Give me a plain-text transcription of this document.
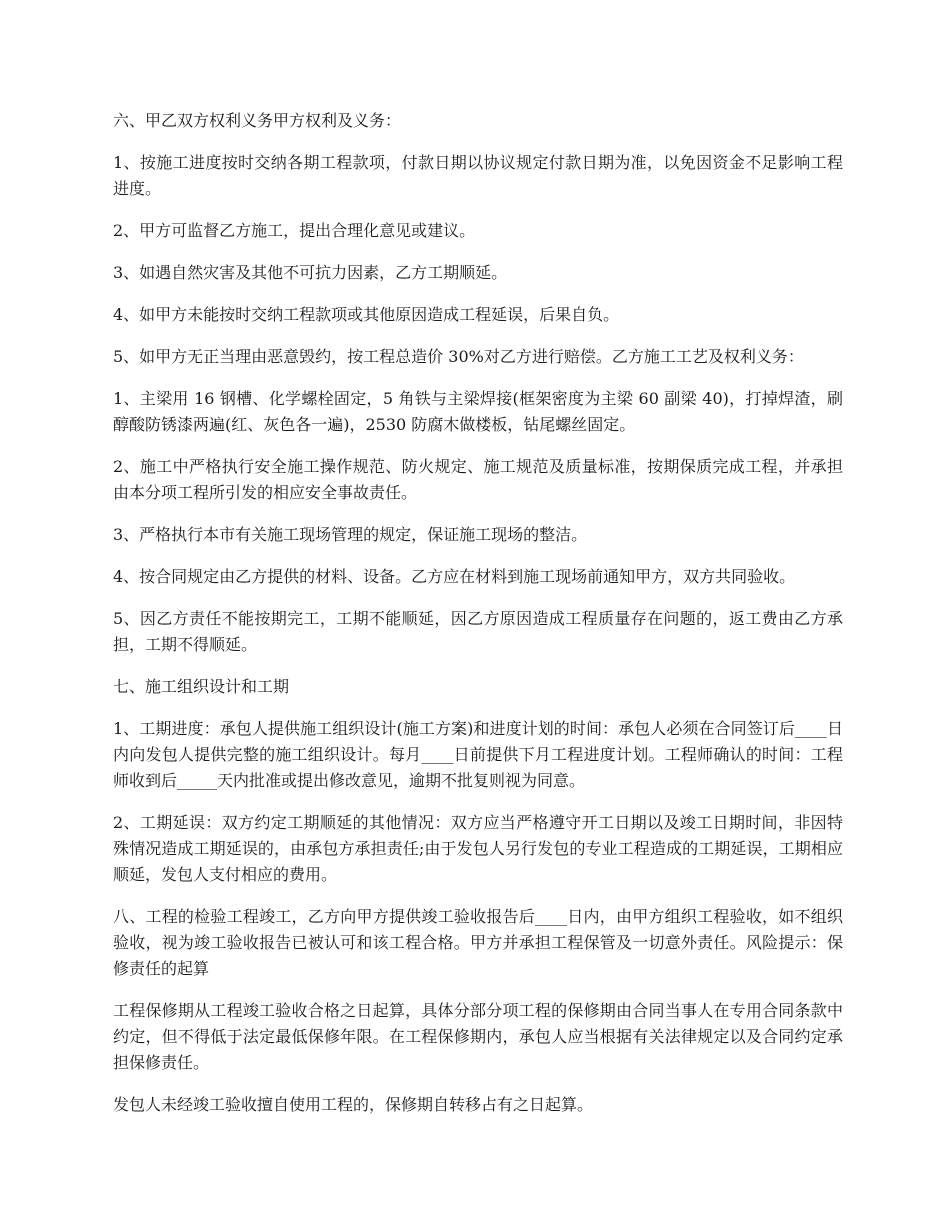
六、甲乙双方权利义务甲方权利及义务：

1、按施工进度按时交纳各期工程款项，付款日期以协议规定付款日期为准，以免因资金不足影响工程进度。

2、甲方可监督乙方施工，提出合理化意见或建议。

3、如遇自然灾害及其他不可抗力因素，乙方工期顺延。

4、如甲方未能按时交纳工程款项或其他原因造成工程延误，后果自负。

5、如甲方无正当理由恶意毁约，按工程总造价 30%对乙方进行赔偿。乙方施工工艺及权利义务：

1、主梁用 16 钢槽、化学螺栓固定，5 角铁与主梁焊接(框架密度为主梁 60 副梁 40)，打掉焊渣，刷醇酸防锈漆两遍(红、灰色各一遍)，2530 防腐木做楼板，钻尾螺丝固定。

2、施工中严格执行安全施工操作规范、防火规定、施工规范及质量标准，按期保质完成工程，并承担由本分项工程所引发的相应安全事故责任。

3、严格执行本市有关施工现场管理的规定，保证施工现场的整洁。

4、按合同规定由乙方提供的材料、设备。乙方应在材料到施工现场前通知甲方，双方共同验收。

5、因乙方责任不能按期完工，工期不能顺延，因乙方原因造成工程质量存在问题的，返工费由乙方承担，工期不得顺延。

七、施工组织设计和工期

1、工期进度：承包人提供施工组织设计(施工方案)和进度计划的时间：承包人必须在合同签订后____日内向发包人提供完整的施工组织设计。每月____日前提供下月工程进度计划。工程师确认的时间：工程师收到后_____天内批准或提出修改意见，逾期不批复则视为同意。

2、工期延误：双方约定工期顺延的其他情况：双方应当严格遵守开工日期以及竣工日期时间，非因特殊情况造成工期延误的，由承包方承担责任;由于发包人另行发包的专业工程造成的工期延误，工期相应顺延，发包人支付相应的费用。

八、工程的检验工程竣工，乙方向甲方提供竣工验收报告后____日内，由甲方组织工程验收，如不组织验收，视为竣工验收报告已被认可和该工程合格。甲方并承担工程保管及一切意外责任。风险提示：保修责任的起算

工程保修期从工程竣工验收合格之日起算，具体分部分项工程的保修期由合同当事人在专用合同条款中约定，但不得低于法定最低保修年限。在工程保修期内，承包人应当根据有关法律规定以及合同约定承担保修责任。

发包人未经竣工验收擅自使用工程的，保修期自转移占有之日起算。
